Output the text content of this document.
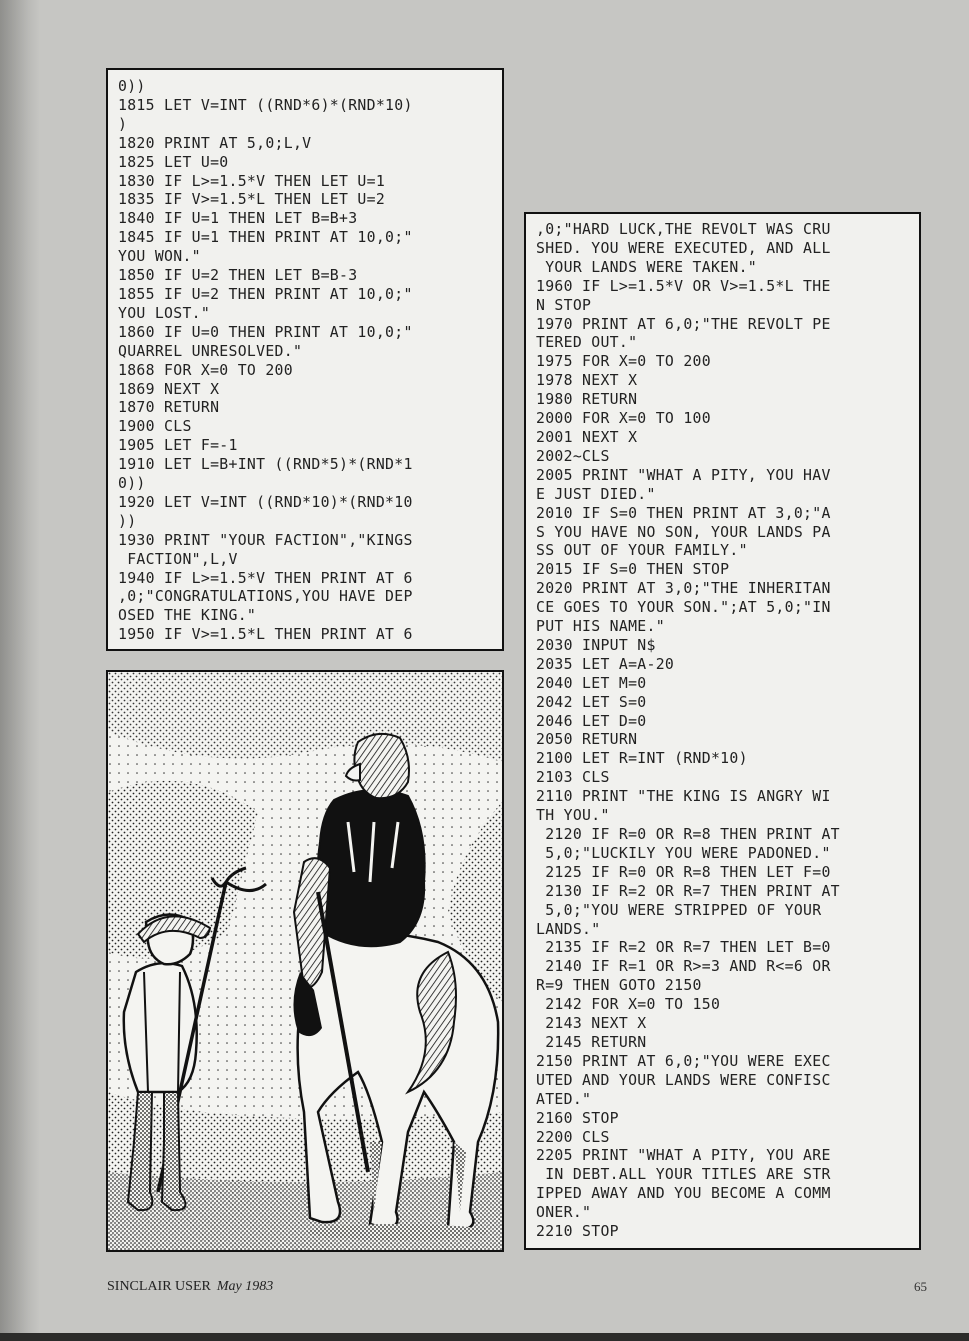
0))
1815 LET V=INT ((RND*6)*(RND*10)
)
1820 PRINT AT 5,0;L,V
1825 LET U=0
1830 IF L>=1.5*V THEN LET U=1
1835 IF V>=1.5*L THEN LET U=2
1840 IF U=1 THEN LET B=B+3
1845 IF U=1 THEN PRINT AT 10,0;"
YOU WON."
1850 IF U=2 THEN LET B=B-3
1855 IF U=2 THEN PRINT AT 10,0;"
YOU LOST."
1860 IF U=0 THEN PRINT AT 10,0;"
QUARREL UNRESOLVED."
1868 FOR X=0 TO 200
1869 NEXT X
1870 RETURN
1900 CLS
1905 LET F=-1
1910 LET L=B+INT ((RND*5)*(RND*1
0))
1920 LET V=INT ((RND*10)*(RND*10
))
1930 PRINT "YOUR FACTION","KINGS
FACTION",L,V
1940 IF L>=1.5*V THEN PRINT AT 6
,0;"CONGRATULATIONS,YOU HAVE DEP
OSED THE KING."
1950 IF V>=1.5*L THEN PRINT AT 6
,0;"HARD LUCK,THE REVOLT WAS CRU
SHED. YOU WERE EXECUTED, AND ALL
YOUR LANDS WERE TAKEN."
1960 IF L>=1.5*V OR V>=1.5*L THE
N STOP
1970 PRINT AT 6,0;"THE REVOLT PE
TERED OUT."
1975 FOR X=0 TO 200
1978 NEXT X
1980 RETURN
2000 FOR X=0 TO 100
2001 NEXT X
2002~CLS
2005 PRINT "WHAT A PITY, YOU HAV
E JUST DIED."
2010 IF S=0 THEN PRINT AT 3,0;"A
S YOU HAVE NO SON, YOUR LANDS PA
SS OUT OF YOUR FAMILY."
2015 IF S=0 THEN STOP
2020 PRINT AT 3,0;"THE INHERITAN
CE GOES TO YOUR SON.";AT 5,0;"IN
PUT HIS NAME."
2030 INPUT N$
2035 LET A=A-20
2040 LET M=0
2042 LET S=0
2046 LET D=0
2050 RETURN
2100 LET R=INT (RND*10)
2103 CLS
2110 PRINT "THE KING IS ANGRY WI
TH YOU."
2120 IF R=0 OR R=8 THEN PRINT AT
5,0;"LUCKILY YOU WERE PADONED."
2125 IF R=0 OR R=8 THEN LET F=0
2130 IF R=2 OR R=7 THEN PRINT AT
5,0;"YOU WERE STRIPPED OF YOUR
LANDS."
2135 IF R=2 OR R=7 THEN LET B=0
2140 IF R=1 OR R>=3 AND R<=6 OR
R=9 THEN GOTO 2150
2142 FOR X=0 TO 150
2143 NEXT X
2145 RETURN
2150 PRINT AT 6,0;"YOU WERE EXEC
UTED AND YOUR LANDS WERE CONFISC
ATED."
2160 STOP
2200 CLS
2205 PRINT "WHAT A PITY, YOU ARE
IN DEBT.ALL YOUR TITLES ARE STR
IPPED AWAY AND YOU BECOME A COMM
ONER."
2210 STOP
SINCLAIR USER May 1983	65
